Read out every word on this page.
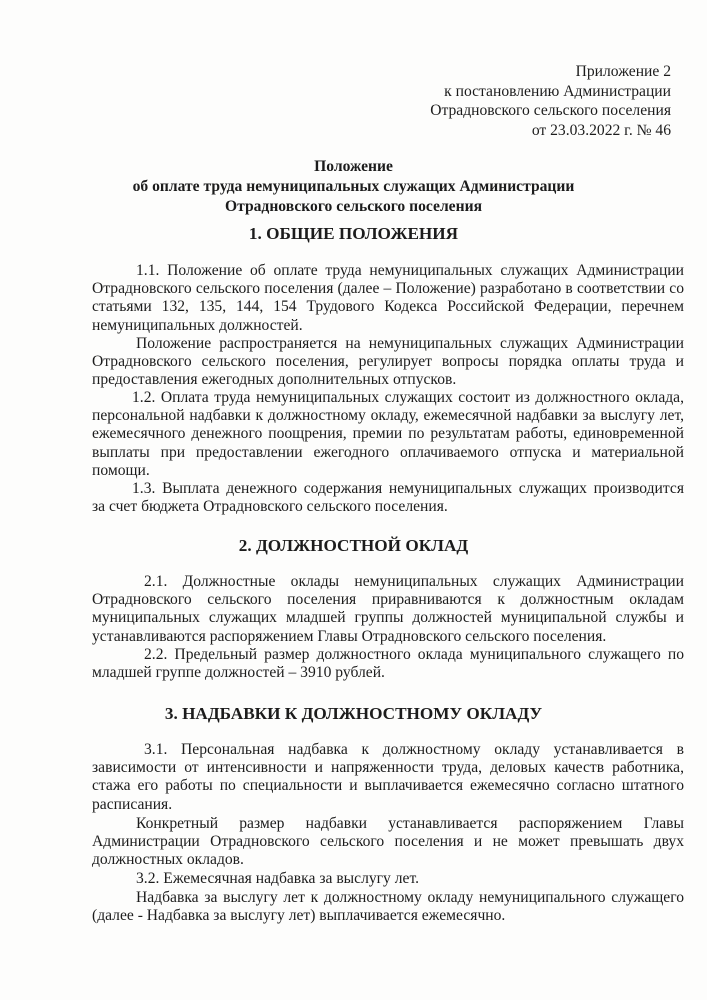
Приложение 2
к постановлению Администрации
Отрадновского сельского поселения
от 23.03.2022 г. № 46
Положение
об оплате труда немуниципальных служащих Администрации
Отрадновского сельского поселения
1. ОБЩИЕ ПОЛОЖЕНИЯ
1.1. Положение об оплате труда немуниципальных служащих Администрации Отрадновского сельского поселения (далее – Положение) разработано в соответствии со статьями 132, 135, 144, 154 Трудового Кодекса Российской Федерации, перечнем немуниципальных должностей.
Положение распространяется на немуниципальных служащих Администрации Отрадновского сельского поселения, регулирует вопросы порядка оплаты труда и предоставления ежегодных дополнительных отпусков.
1.2. Оплата труда немуниципальных служащих состоит из должностного оклада, персональной надбавки к должностному окладу, ежемесячной надбавки за выслугу лет, ежемесячного денежного поощрения, премии по результатам работы, единовременной выплаты при предоставлении ежегодного оплачиваемого отпуска и материальной помощи.
1.3. Выплата денежного содержания немуниципальных служащих производится за счет бюджета Отрадновского сельского поселения.
2. ДОЛЖНОСТНОЙ ОКЛАД
2.1. Должностные оклады немуниципальных служащих Администрации Отрадновского сельского поселения приравниваются к должностным окладам муниципальных служащих младшей группы должностей муниципальной службы и устанавливаются распоряжением Главы Отрадновского сельского поселения.
2.2. Предельный размер должностного оклада муниципального служащего по младшей группе должностей – 3910 рублей.
3. НАДБАВКИ К ДОЛЖНОСТНОМУ ОКЛАДУ
3.1. Персональная надбавка к должностному окладу устанавливается в зависимости от интенсивности и напряженности труда, деловых качеств работника, стажа его работы по специальности и выплачивается ежемесячно согласно штатного расписания.
Конкретный размер надбавки устанавливается распоряжением Главы Администрации Отрадновского сельского поселения и не может превышать двух должностных окладов.
3.2. Ежемесячная надбавка за выслугу лет.
Надбавка за выслугу лет к должностному окладу немуниципального служащего (далее - Надбавка за выслугу лет) выплачивается ежемесячно.
